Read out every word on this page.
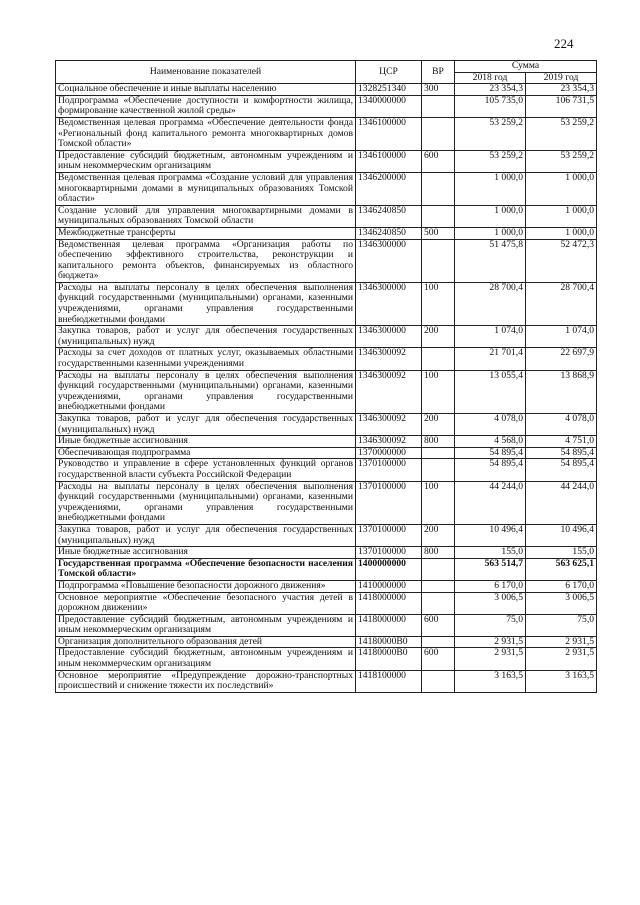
224
Наименование показателей	ЦСР	ВР	Сумма	
			2018 год	2019 год
Социальное обеспечение и иные выплаты населению	1328251340	300	23 354,3	23 354,3
Подпрограмма «Обеспечение доступности и комфортности жилища, формирование качественной жилой среды»	1340000000		105 735,0	106 731,5
Ведомственная целевая программа «Обеспечение деятельности фонда «Региональный фонд капитального ремонта многоквартирных домов Томской области»	1346100000		53 259,2	53 259,2
Предоставление субсидий бюджетным, автономным учреждениям и иным некоммерческим организациям	1346100000	600	53 259,2	53 259,2
Ведомственная целевая программа «Создание условий для управления многоквартирными домами в муниципальных образованиях Томской области»	1346200000		1 000,0	1 000,0
Создание условий для управления многоквартирными домами в муниципальных образованиях Томской области	1346240850		1 000,0	1 000,0
Межбюджетные трансферты	1346240850	500	1 000,0	1 000,0
Ведомственная целевая программа «Организация работы по обеспечению эффективного строительства, реконструкции и капитального ремонта объектов, финансируемых из областного бюджета»	1346300000		51 475,8	52 472,3
Расходы на выплаты персоналу в целях обеспечения выполнения функций государственными (муниципальными) органами, казенными учреждениями, органами управления государственными внебюджетными фондами	1346300000	100	28 700,4	28 700,4
Закупка товаров, работ и услуг для обеспечения государственных (муниципальных) нужд	1346300000	200	1 074,0	1 074,0
Расходы за счет доходов от платных услуг, оказываемых областными государственными казенными учреждениями	1346300092		21 701,4	22 697,9
Расходы на выплаты персоналу в целях обеспечения выполнения функций государственными (муниципальными) органами, казенными учреждениями, органами управления государственными внебюджетными фондами	1346300092	100	13 055,4	13 868,9
Закупка товаров, работ и услуг для обеспечения государственных (муниципальных) нужд	1346300092	200	4 078,0	4 078,0
Иные бюджетные ассигнования	1346300092	800	4 568,0	4 751,0
Обеспечивающая подпрограмма	1370000000		54 895,4	54 895,4
Руководство и управление в сфере установленных функций органов государственной власти субъекта Российской Федерации	1370100000		54 895,4	54 895,4
Расходы на выплаты персоналу в целях обеспечения выполнения функций государственными (муниципальными) органами, казенными учреждениями, органами управления государственными внебюджетными фондами	1370100000	100	44 244,0	44 244,0
Закупка товаров, работ и услуг для обеспечения государственных (муниципальных) нужд	1370100000	200	10 496,4	10 496,4
Иные бюджетные ассигнования	1370100000	800	155,0	155,0
Государственная программа «Обеспечение безопасности населения Томской области»	1400000000		563 514,7	563 625,1
Подпрограмма «Повышение безопасности дорожного движения»	1410000000		6 170,0	6 170,0
Основное мероприятие «Обеспечение безопасного участия детей в дорожном движении»	1418000000		3 006,5	3 006,5
Предоставление субсидий бюджетным, автономным учреждениям и иным некоммерческим организациям	1418000000	600	75,0	75,0
Организация дополнительного образования детей	14180000В0		2 931,5	2 931,5
Предоставление субсидий бюджетным, автономным учреждениям и иным некоммерческим организациям	14180000В0	600	2 931,5	2 931,5
Основное мероприятие «Предупреждение дорожно-транспортных происшествий и снижение тяжести их последствий»	1418100000		3 163,5	3 163,5
